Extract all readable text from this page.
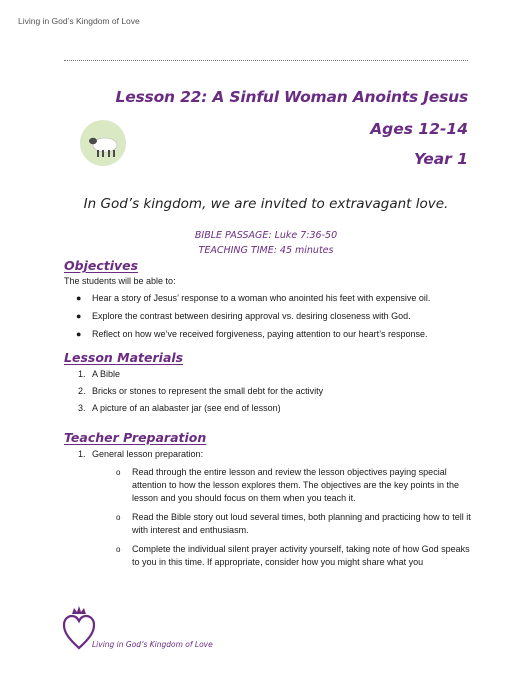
Living in God’s Kingdom of Love
Lesson 22: A Sinful Woman Anoints Jesus
Ages 12-14
Year 1
In God’s kingdom, we are invited to extravagant love.
BIBLE PASSAGE: Luke 7:36-50
TEACHING TIME: 45 minutes
Objectives
The students will be able to:
● Hear a story of Jesus’ response to a woman who anointed his feet with expensive oil.
● Explore the contrast between desiring approval vs. desiring closeness with God.
● Reflect on how we’ve received forgiveness, paying attention to our heart’s response.
Lesson Materials
1. A Bible
2. Bricks or stones to represent the small debt for the activity
3. A picture of an alabaster jar (see end of lesson)
Teacher Preparation
1. General lesson preparation:
o Read through the entire lesson and review the lesson objectives paying special attention to how the lesson explores them. The objectives are the key points in the lesson and you should focus on them when you teach it.
o Read the Bible story out loud several times, both planning and practicing how to tell it with interest and enthusiasm.
o Complete the individual silent prayer activity yourself, taking note of how God speaks to you in this time. If appropriate, consider how you might share what you
Living in God’s Kingdom of Love
